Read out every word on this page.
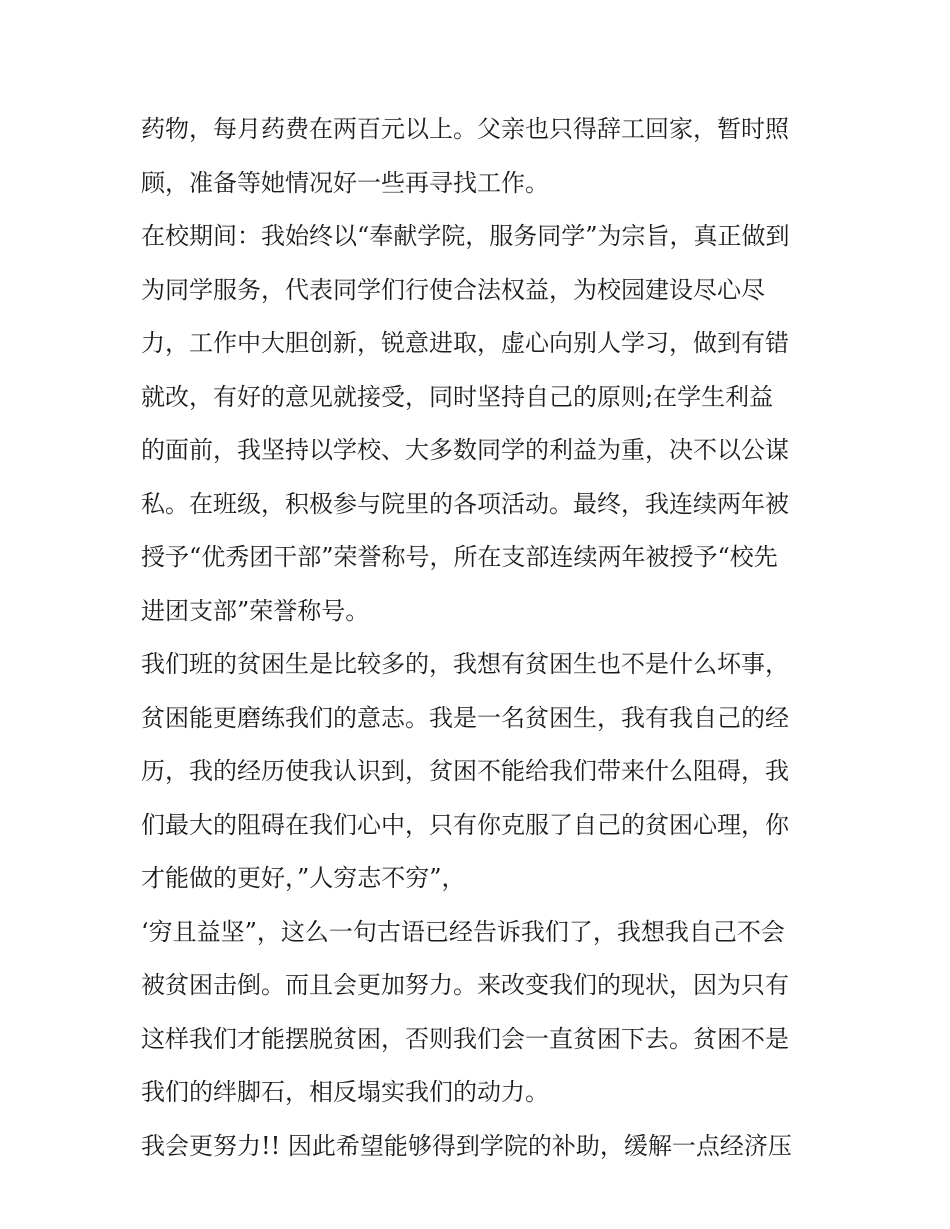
药物，每月药费在两百元以上。父亲也只得辞工回家，暂时照
顾，准备等她情况好一些再寻找工作。
在校期间：我始终以“奉献学院，服务同学”为宗旨，真正做到
为同学服务，代表同学们行使合法权益，为校园建设尽心尽
力，工作中大胆创新，锐意进取，虚心向别人学习，做到有错
就改，有好的意见就接受，同时坚持自己的原则;在学生利益
的面前，我坚持以学校、大多数同学的利益为重，决不以公谋
私。在班级，积极参与院里的各项活动。最终，我连续两年被
授予“优秀团干部”荣誉称号，所在支部连续两年被授予“校先
进团支部”荣誉称号。
我们班的贫困生是比较多的，我想有贫困生也不是什么坏事，
贫困能更磨练我们的意志。我是一名贫困生，我有我自己的经
历，我的经历使我认识到，贫困不能给我们带来什么阻碍，我
们最大的阻碍在我们心中，只有你克服了自己的贫困心理，你
才能做的更好，”人穷志不穷”，
‘穷且益坚”，这么一句古语已经告诉我们了，我想我自己不会
被贫困击倒。而且会更加努力。来改变我们的现状，因为只有
这样我们才能摆脱贫困，否则我们会一直贫困下去。贫困不是
我们的绊脚石，相反塌实我们的动力。
我会更努力!! 因此希望能够得到学院的补助，缓解一点经济压
